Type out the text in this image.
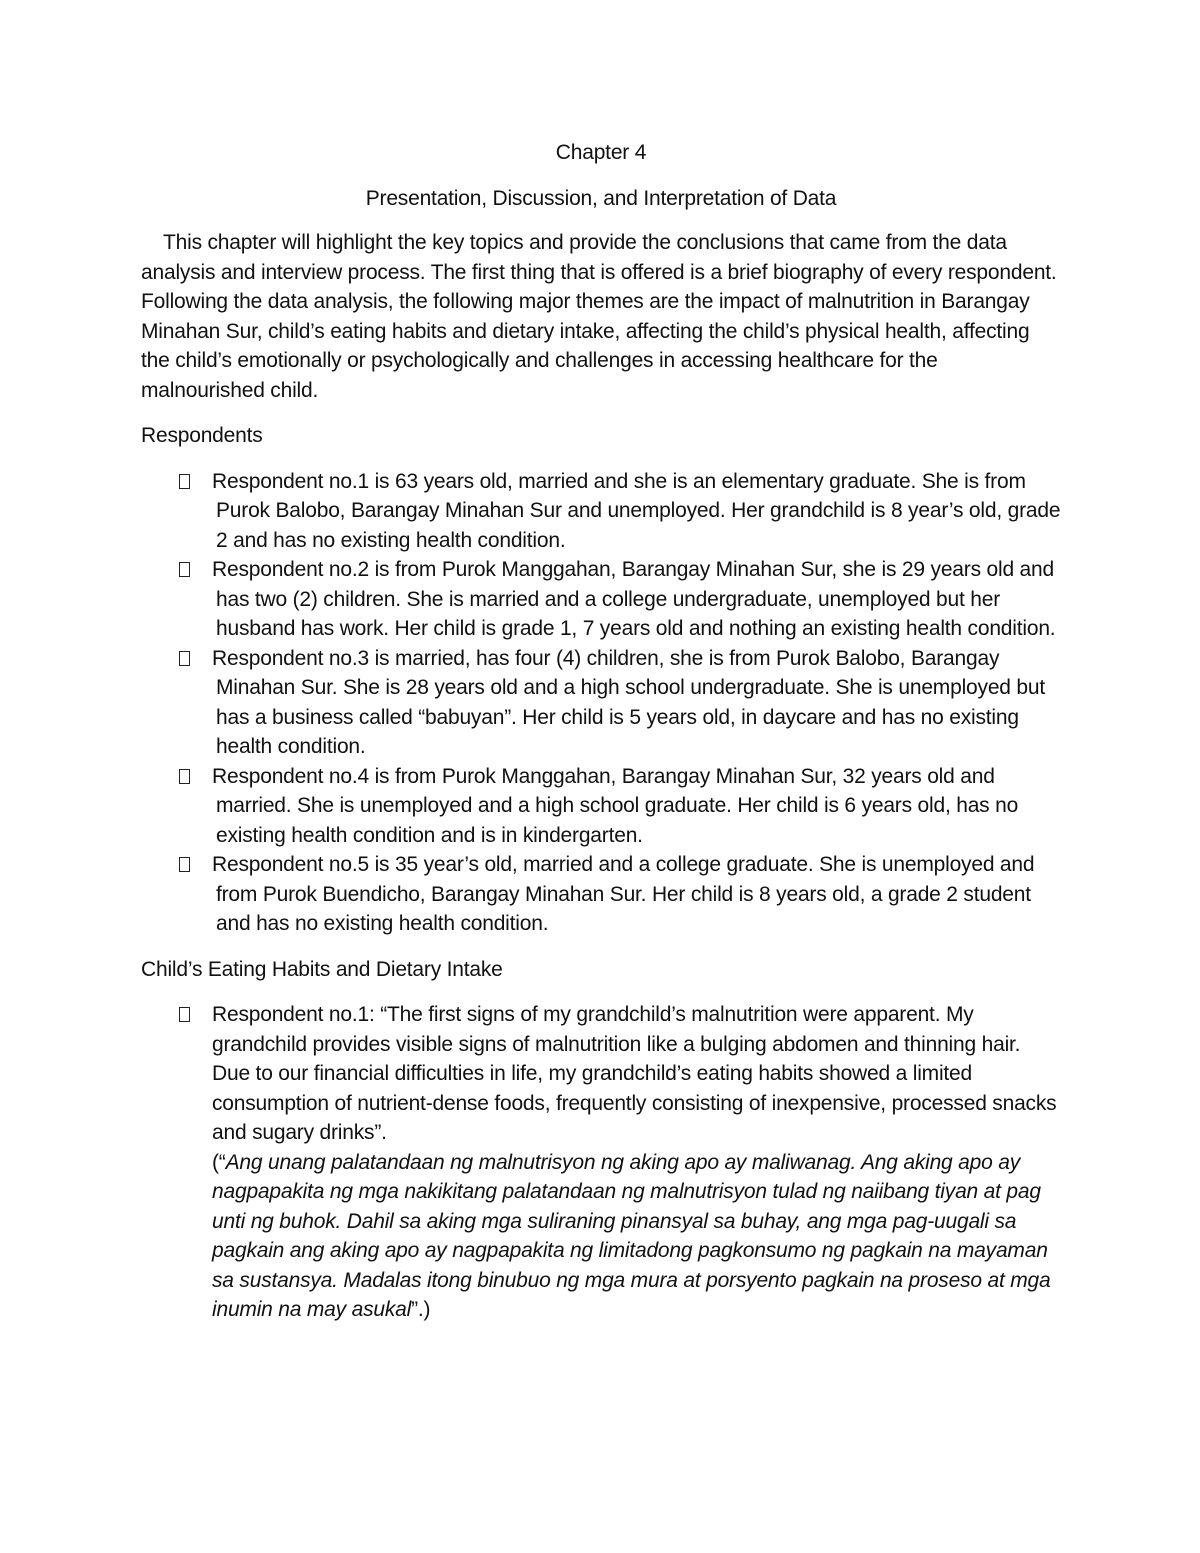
Chapter 4
Presentation, Discussion, and Interpretation of Data
This chapter will highlight the key topics and provide the conclusions that came from the data analysis and interview process. The first thing that is offered is a brief biography of every respondent. Following the data analysis, the following major themes are the impact of malnutrition in Barangay Minahan Sur, child’s eating habits and dietary intake, affecting the child’s physical health, affecting the child’s emotionally or psychologically and challenges in accessing healthcare for the malnourished child.
Respondents
Respondent no.1 is 63 years old, married and she is an elementary graduate. She is from Purok Balobo, Barangay Minahan Sur and unemployed. Her grandchild is 8 year’s old, grade 2 and has no existing health condition.
Respondent no.2 is from Purok Manggahan, Barangay Minahan Sur, she is 29 years old and has two (2) children. She is married and a college undergraduate, unemployed but her husband has work. Her child is grade 1, 7 years old and nothing an existing health condition.
Respondent no.3 is married, has four (4) children, she is from Purok Balobo, Barangay Minahan Sur. She is 28 years old and a high school undergraduate. She is unemployed but has a business called “babuyan”. Her child is 5 years old, in daycare and has no existing health condition.
Respondent no.4 is from Purok Manggahan, Barangay Minahan Sur, 32 years old and married. She is unemployed and a high school graduate. Her child is 6 years old, has no existing health condition and is in kindergarten.
Respondent no.5 is 35 year’s old, married and a college graduate. She is unemployed and from Purok Buendicho, Barangay Minahan Sur. Her child is 8 years old, a grade 2 student and has no existing health condition.
Child’s Eating Habits and Dietary Intake
Respondent no.1: “The first signs of my grandchild’s malnutrition were apparent. My grandchild provides visible signs of malnutrition like a bulging abdomen and thinning hair. Due to our financial difficulties in life, my grandchild’s eating habits showed a limited consumption of nutrient-dense foods, frequently consisting of inexpensive, processed snacks and sugary drinks”.
(“Ang unang palatandaan ng malnutrisyon ng aking apo ay maliwanag. Ang aking apo ay nagpapakita ng mga nakikitang palatandaan ng malnutrisyon tulad ng naiibang tiyan at pag unti ng buhok. Dahil sa aking mga suliraning pinansyal sa buhay, ang mga pag-uugali sa pagkain ang aking apo ay nagpapakita ng limitadong pagkonsumo ng pagkain na mayaman sa sustansya. Madalas itong binubuo ng mga mura at porsyento pagkain na proseso at mga inumin na may asukal”.)
